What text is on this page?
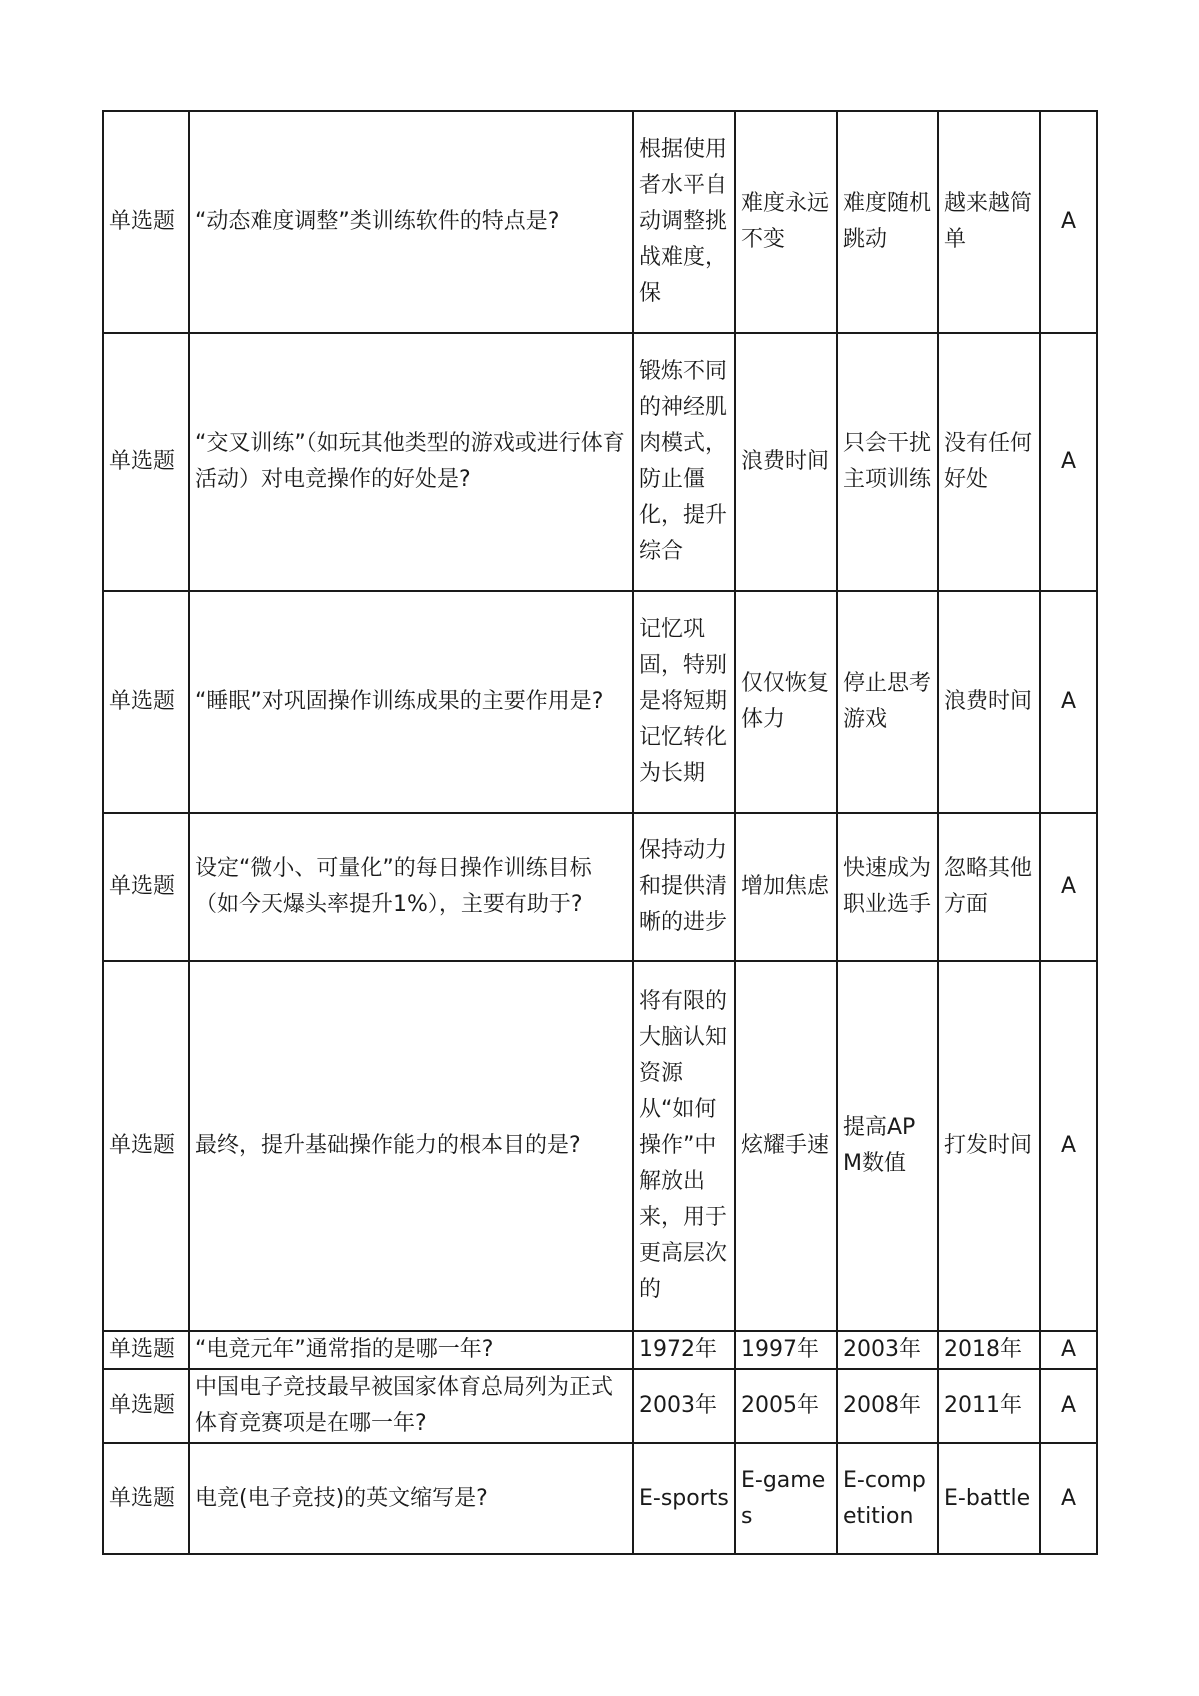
单选题	“动态难度调整”类训练软件的特点是?	根据使用者水平自动调整挑战难度，保	难度永远不变	难度随机跳动	越来越简单	A
单选题	“交叉训练”（如玩其他类型的游戏或进行体育活动）对电竞操作的好处是?	锻炼不同的神经肌肉模式，防止僵化，提升综合	浪费时间	只会干扰主项训练	没有任何好处	A
单选题	“睡眠”对巩固操作训练成果的主要作用是?	记忆巩固，特别是将短期记忆转化为长期	仅仅恢复体力	停止思考游戏	浪费时间	A
单选题	设定“微小、可量化”的每日操作训练目标（如今天爆头率提升1%），主要有助于?	保持动力和提供清晰的进步	增加焦虑	快速成为职业选手	忽略其他方面	A
单选题	最终，提升基础操作能力的根本目的是?	将有限的大脑认知资源从“如何操作”中解放出来，用于更高层次的	炫耀手速	提高APM数值	打发时间	A
单选题	“电竞元年”通常指的是哪一年?	1972年	1997年	2003年	2018年	A
单选题	中国电子竞技最早被国家体育总局列为正式体育竞赛项是在哪一年?	2003年	2005年	2008年	2011年	A
单选题	电竞(电子竞技)的英文缩写是?	E-sports	E-games	E-competition	E-battle	A
